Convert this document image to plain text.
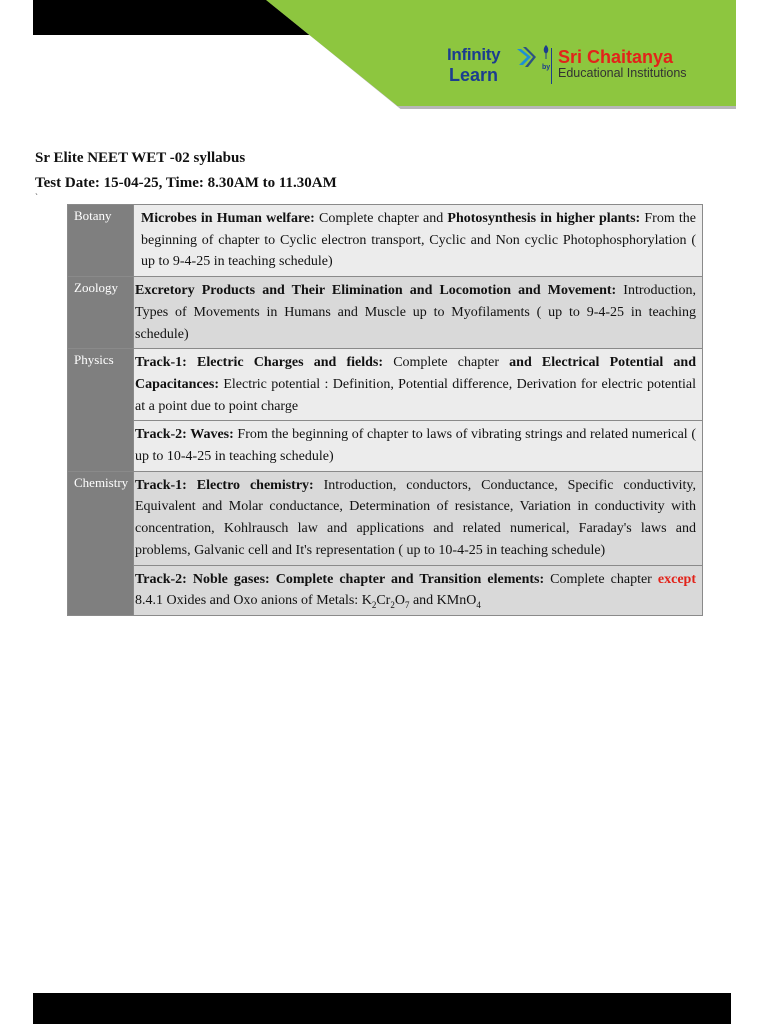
Infinity
Learn	by
Sri Chaitanya
Educational Institutions
Sr Elite NEET WET -02 syllabus
Test Date: 15-04-25, Time: 8.30AM to 11.30AM
`
Botany	Microbes in Human welfare: Complete chapter and Photosynthesis in higher plants: From the beginning of chapter to Cyclic electron transport, Cyclic and Non cyclic Photophosphorylation ( up to 9-4-25 in teaching schedule)

Zoology	Excretory Products and Their Elimination and Locomotion and Movement: Introduction, Types of Movements in Humans and Muscle up to Myofilaments ( up to 9-4-25 in teaching schedule)
Physics	Track-1: Electric Charges and fields: Complete chapter and Electrical Potential and Capacitances: Electric potential : Definition, Potential difference, Derivation for electric potential at a point due to point charge
	Track-2: Waves: From the beginning of chapter to laws of vibrating strings and related numerical ( up to 10-4-25 in teaching schedule)
Chemistry	Track-1: Electro chemistry: Introduction, conductors, Conductance, Specific conductivity, Equivalent and Molar conductance, Determination of resistance, Variation in conductivity with concentration, Kohlrausch law and applications and related numerical, Faraday's laws and problems, Galvanic cell and It's representation ( up to 10-4-25 in teaching schedule)
	Track-2: Noble gases: Complete chapter and Transition elements: Complete chapter except 8.4.1 Oxides and Oxo anions of Metals: $K_2Cr_2O_7$ and KMnO$_4$
